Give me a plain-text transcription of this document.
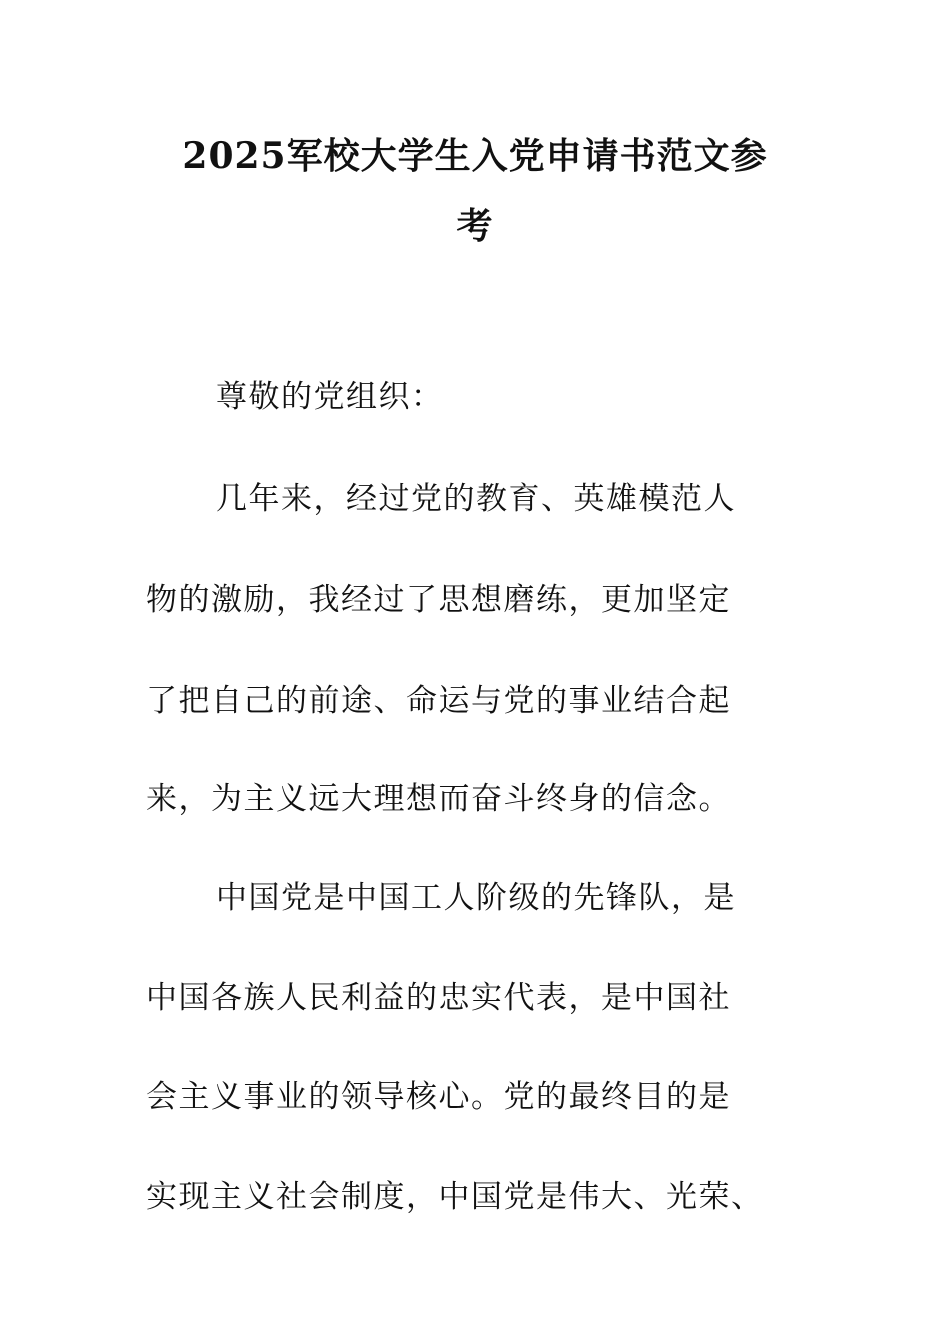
2025军校大学生入党申请书范文参
考
尊敬的党组织：
几年来，经过党的教育、英雄模范人
物的激励，我经过了思想磨练，更加坚定
了把自己的前途、命运与党的事业结合起
来，为主义远大理想而奋斗终身的信念。
中国党是中国工人阶级的先锋队，是
中国各族人民利益的忠实代表，是中国社
会主义事业的领导核心。党的最终目的是
实现主义社会制度，中国党是伟大、光荣、
